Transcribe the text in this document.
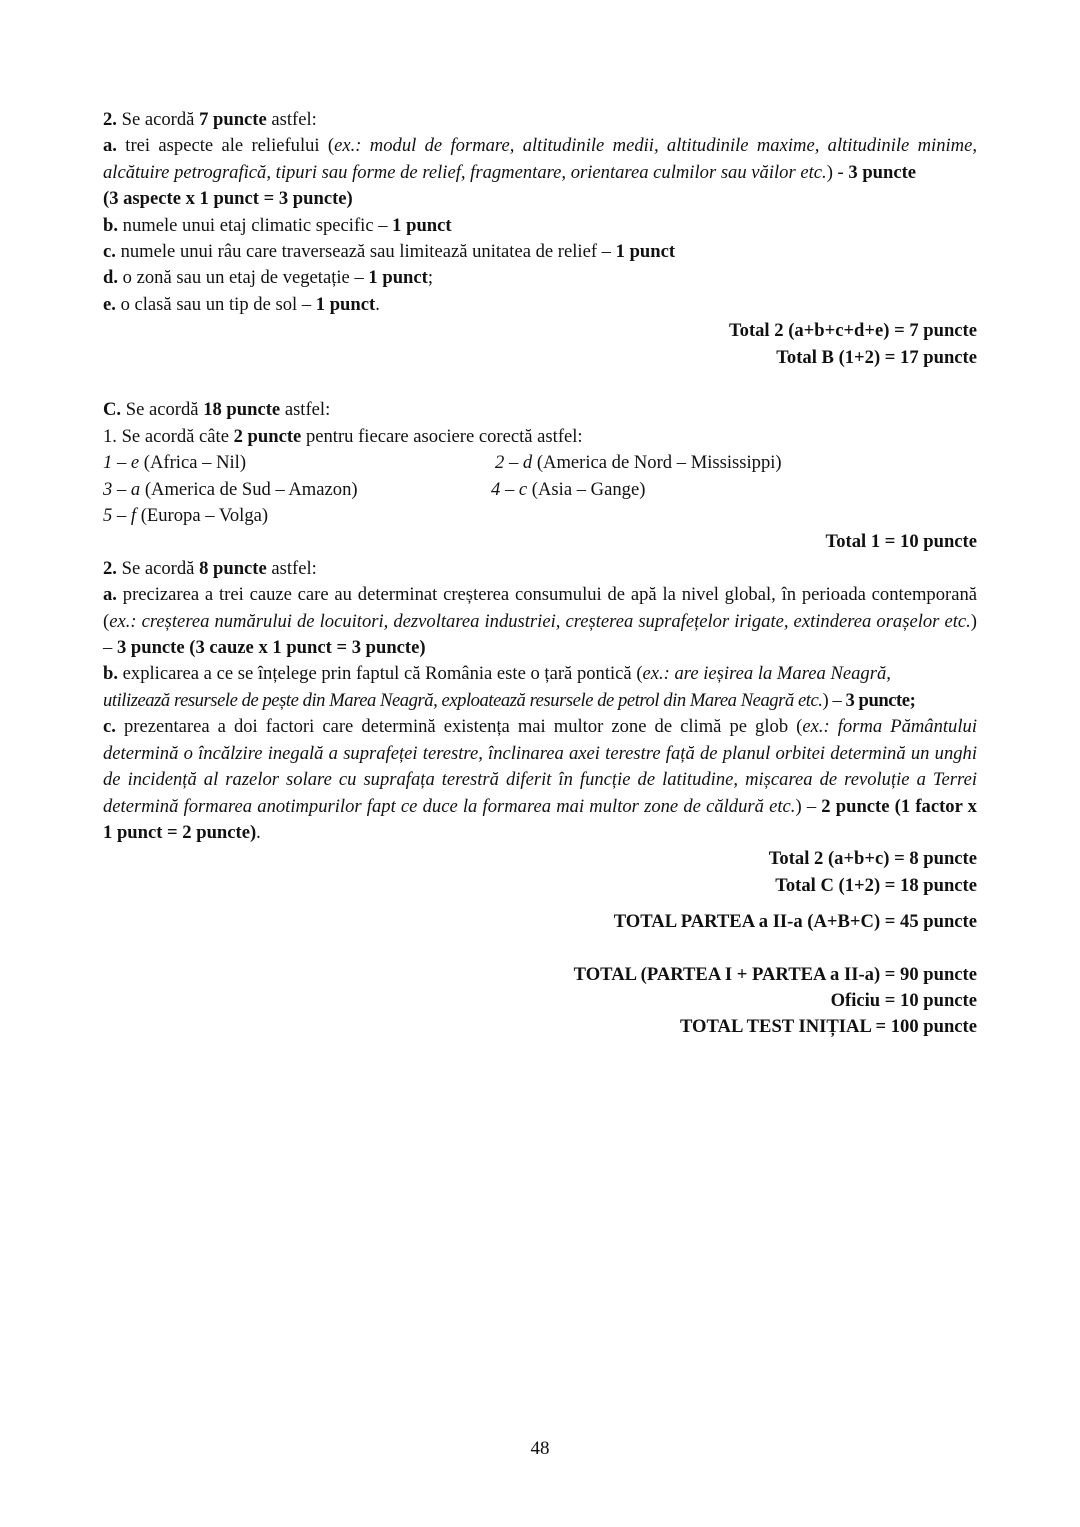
2. Se acordă 7 puncte astfel:
a. trei aspecte ale reliefului (ex.: modul de formare, altitudinile medii, altitudinile maxime, altitudinile minime, alcătuire petrografică, tipuri sau forme de relief, fragmentare, orientarea culmilor sau văilor etc.) - 3 puncte
(3 aspecte x 1 punct = 3 puncte)
b. numele unui etaj climatic specific – 1 punct
c. numele unui râu care traversează sau limitează unitatea de relief – 1 punct
d. o zonă sau un etaj de vegetație – 1 punct;
e. o clasă sau un tip de sol – 1 punct.
Total 2 (a+b+c+d+e) = 7 puncte
Total B (1+2) = 17 puncte
C. Se acordă 18 puncte astfel:
1. Se acordă câte 2 puncte pentru fiecare asociere corectă astfel:
1 – e (Africa – Nil)	2 – d (America de Nord – Mississippi)
3 – a (America de Sud – Amazon)	4 – c (Asia – Gange)
5 – f (Europa – Volga)
Total 1 = 10 puncte
2. Se acordă 8 puncte astfel:
a. precizarea a trei cauze care au determinat creșterea consumului de apă la nivel global, în perioada contemporană (ex.: creșterea numărului de locuitori, dezvoltarea industriei, creșterea suprafețelor irigate, extinderea orașelor etc.) – 3 puncte (3 cauze x 1 punct = 3 puncte)
b. explicarea a ce se înțelege prin faptul că România este o țară pontică (ex.: are ieșirea la Marea Neagră,
utilizează resursele de pește din Marea Neagră, exploatează resursele de petrol din Marea Neagră etc.) – 3 puncte;
c. prezentarea a doi factori care determină existența mai multor zone de climă pe glob (ex.: forma Pământului determină o încălzire inegală a suprafeței terestre, înclinarea axei terestre față de planul orbitei determină un unghi de incidență al razelor solare cu suprafața terestră diferit în funcție de latitudine, mișcarea de revoluție a Terrei determină formarea anotimpurilor fapt ce duce la formarea mai multor zone de căldură etc.) – 2 puncte (1 factor x 1 punct = 2 puncte).
Total 2 (a+b+c) = 8 puncte
Total C (1+2) = 18 puncte
TOTAL PARTEA a II-a (A+B+C) = 45 puncte
TOTAL (PARTEA I + PARTEA a II-a) = 90 puncte
Oficiu = 10 puncte
TOTAL TEST INIȚIAL = 100 puncte
48
